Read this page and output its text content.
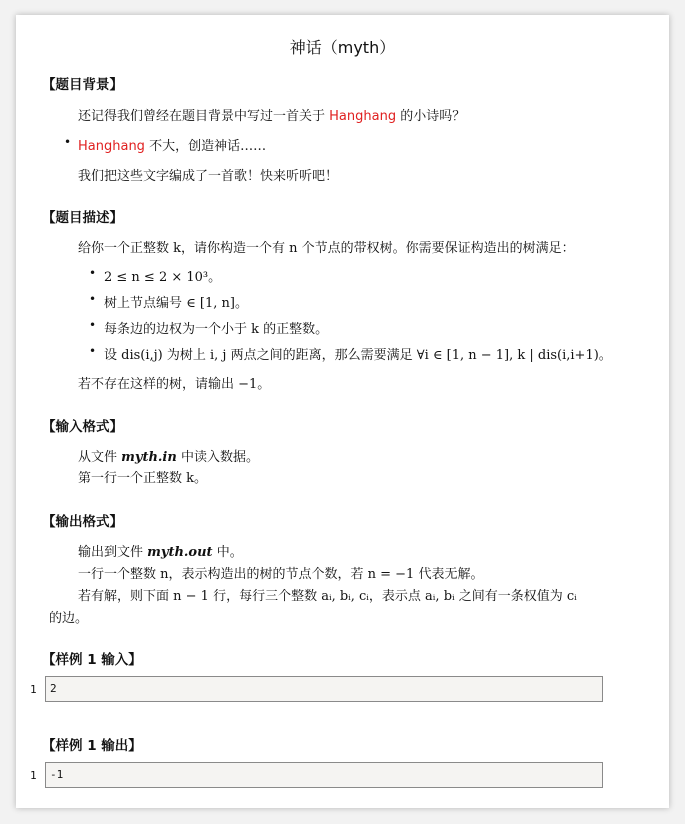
神话（myth）
【题目背景】
还记得我们曾经在题目背景中写过一首关于 Hanghang 的小诗吗？
• Hanghang 不大，创造神话……
我们把这些文字编成了一首歌！快来听听吧！
【题目描述】
给你一个正整数 k，请你构造一个有 n 个节点的带权树。你需要保证构造出的树满足：
• 2 ≤ n ≤ 2 × 10³。
• 树上节点编号 ∈ [1, n]。
• 每条边的边权为一个小于 k 的正整数。
• 设 dis(i,j) 为树上 i, j 两点之间的距离，那么需要满足 ∀i ∈ [1, n − 1], k | dis(i,i+1)。
若不存在这样的树，请输出 −1。
【输入格式】
从文件 myth.in 中读入数据。
第一行一个正整数 k。
【输出格式】
输出到文件 myth.out 中。
一行一个整数 n，表示构造出的树的节点个数，若 n = −1 代表无解。
若有解，则下面 n − 1 行，每行三个整数 aᵢ, bᵢ, cᵢ，表示点 aᵢ, bᵢ 之间有一条权值为 cᵢ
的边。
【样例 1 输入】
1	2
【样例 1 输出】
1	-1
